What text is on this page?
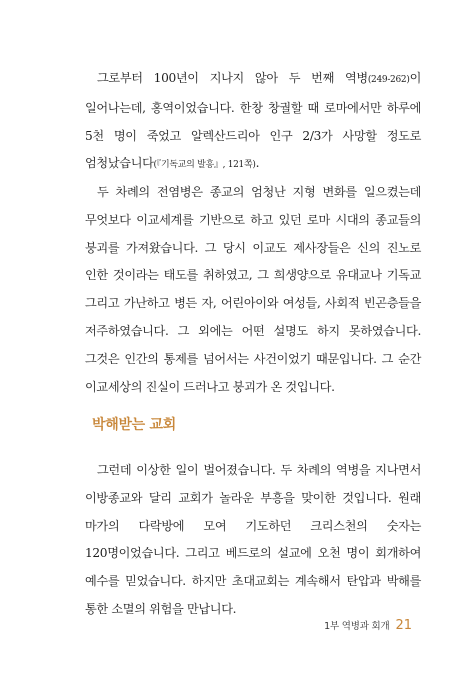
그로부터 100년이 지나지 않아 두 번째 역병(249-262)이 일어나는데, 홍역이었습니다. 한창 창궐할 때 로마에서만 하루에 5천 명이 죽었고 알렉산드리아 인구 2/3가 사망할 정도로 엄청났습니다(『기독교의 발흥』, 121쪽).

두 차례의 전염병은 종교의 엄청난 지형 변화를 일으켰는데 무엇보다 이교세계를 기반으로 하고 있던 로마 시대의 종교들의 붕괴를 가져왔습니다. 그 당시 이교도 제사장들은 신의 진노로 인한 것이라는 태도를 취하였고, 그 희생양으로 유대교나 기독교 그리고 가난하고 병든 자, 어린아이와 여성들, 사회적 빈곤층들을 저주하였습니다. 그 외에는 어떤 설명도 하지 못하였습니다. 그것은 인간의 통제를 넘어서는 사건이었기 때문입니다. 그 순간 이교세상의 진실이 드러나고 붕괴가 온 것입니다.

박해받는 교회

그런데 이상한 일이 벌어졌습니다. 두 차례의 역병을 지나면서 이방종교와 달리 교회가 놀라운 부흥을 맞이한 것입니다. 원래 마가의 다락방에 모여 기도하던 크리스천의 숫자는 120명이었습니다. 그리고 베드로의 설교에 오천 명이 회개하여 예수를 믿었습니다. 하지만 초대교회는 계속해서 탄압과 박해를 통한 소멸의 위험을 만납니다.

1부 역병과 회개 21
